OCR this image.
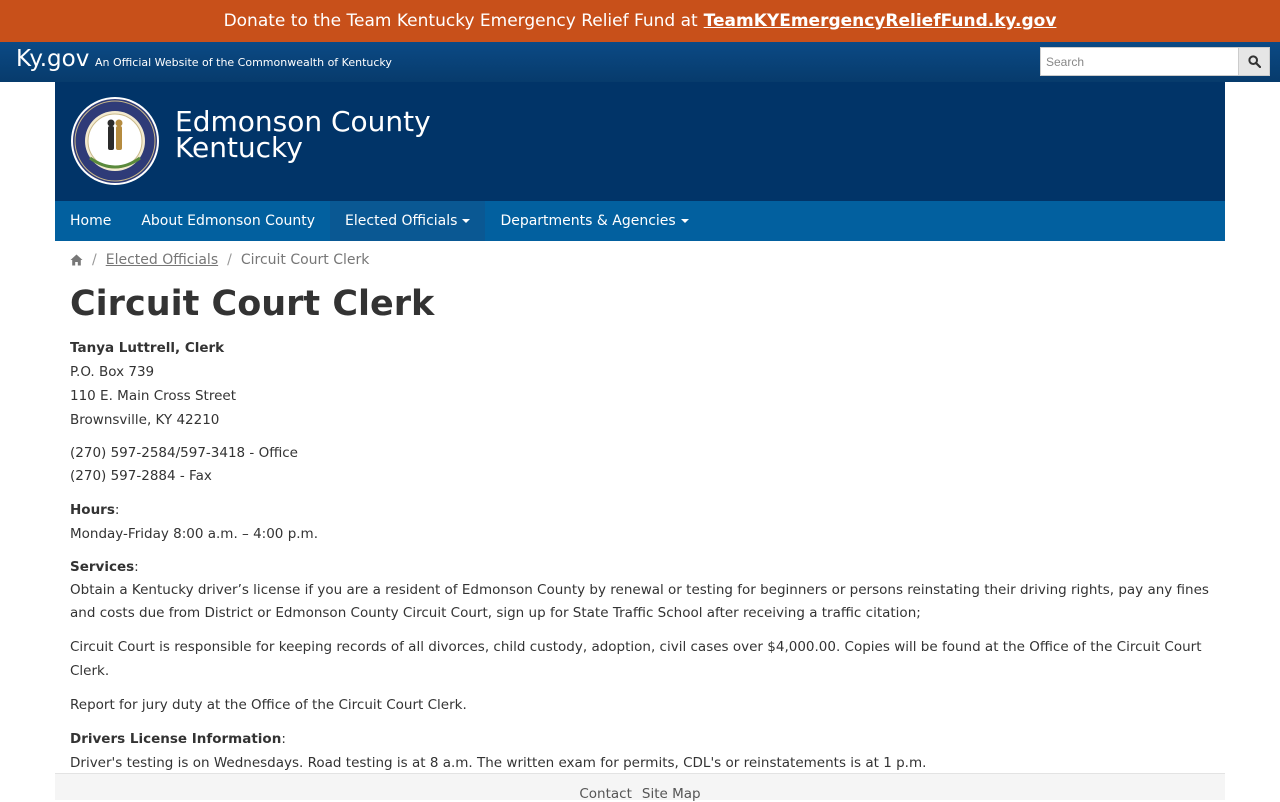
Donate to the Team Kentucky Emergency Relief Fund at TeamKYEmergencyReliefFund.ky.gov
Ky.gov An Official Website of the Commonwealth of Kentucky
Search
Edmonson County
Kentucky
Home About Edmonson County Elected Officials	Departments & Agencies
/ Elected Officials / Circuit Court Clerk
Circuit Court Clerk

Tanya Luttrell, Clerk
P.O. Box 739
110 E. Main Cross Street
Brownsville, KY 42210

(270) 597-2584/597-3418 - Office
(270) 597-2884 - Fax

Hours:
Monday-Friday 8:00 a.m. – 4:00 p.m.

Services:
Obtain a Kentucky driver’s license if you are a resident of Edmonson County by renewal or testing for beginners or persons reinstating their driving rights, pay any fines and costs due from District or Edmonson County Circuit Court, sign up for State Traffic School after receiving a traffic citation;

Circuit Court is responsible for keeping records of all divorces, child custody, adoption, civil cases over $4,000.00. Copies will be found at the Office of the Circuit Court Clerk.

Report for jury duty at the Office of the Circuit Court Clerk.

Drivers License Information:
Driver's testing is on Wednesdays. Road testing is at 8 a.m. The written exam for permits, CDL's or reinstatements is at 1 p.m.

Contact Site Map
